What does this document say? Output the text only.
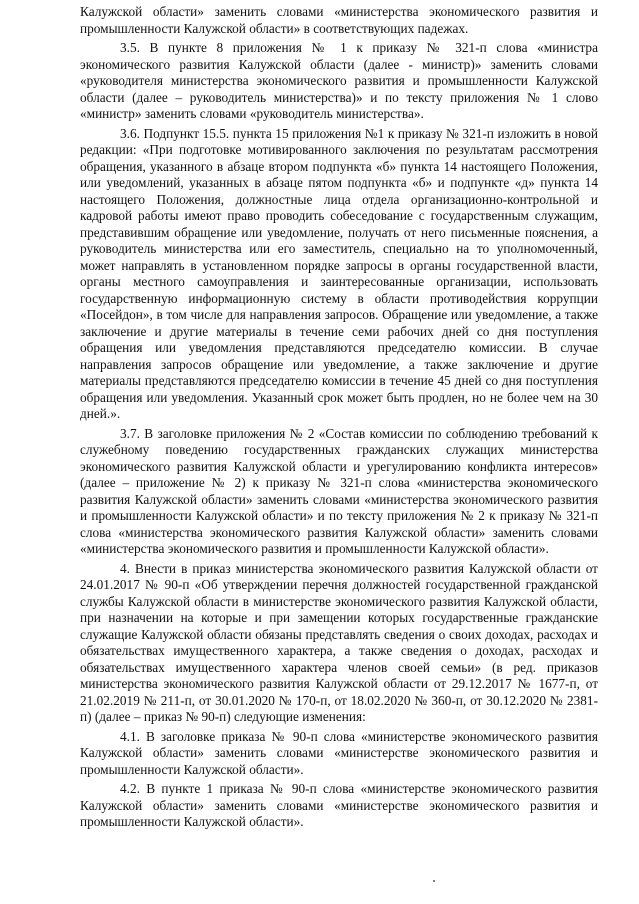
Калужской области» заменить словами «министерства экономического развития и промышленности Калужской области» в соответствующих падежах.

3.5. В пункте 8 приложения № 1 к приказу № 321-п слова «министра экономического развития Калужской области (далее - министр)» заменить словами «руководителя министерства экономического развития и промышленности Калужской области (далее – руководитель министерства)» и по тексту приложения № 1 слово «министр» заменить словами «руководитель министерства».

3.6. Подпункт 15.5. пункта 15 приложения №1 к приказу № 321-п изложить в новой редакции: «При подготовке мотивированного заключения по результатам рассмотрения обращения, указанного в абзаце втором подпункта «б» пункта 14 настоящего Положения, или уведомлений, указанных в абзаце пятом подпункта «б» и подпункте «д» пункта 14 настоящего Положения, должностные лица отдела организационно-контрольной и кадровой работы имеют право проводить собеседование с государственным служащим, представившим обращение или уведомление, получать от него письменные пояснения, а руководитель министерства или его заместитель, специально на то уполномоченный, может направлять в установленном порядке запросы в органы государственной власти, органы местного самоуправления и заинтересованные организации, использовать государственную информационную систему в области противодействия коррупции «Посейдон», в том числе для направления запросов. Обращение или уведомление, а также заключение и другие материалы в течение семи рабочих дней со дня поступления обращения или уведомления представляются председателю комиссии. В случае направления запросов обращение или уведомление, а также заключение и другие материалы представляются председателю комиссии в течение 45 дней со дня поступления обращения или уведомления. Указанный срок может быть продлен, но не более чем на 30 дней.».

3.7. В заголовке приложения № 2 «Состав комиссии по соблюдению требований к служебному поведению государственных гражданских служащих министерства экономического развития Калужской области и урегулированию конфликта интересов» (далее – приложение № 2) к приказу № 321-п слова «министерства экономического развития Калужской области» заменить словами «министерства экономического развития и промышленности Калужской области» и по тексту приложения № 2 к приказу № 321-п слова «министерства экономического развития Калужской области» заменить словами «министерства экономического развития и промышленности Калужской области».

4. Внести в приказ министерства экономического развития Калужской области от 24.01.2017 № 90-п «Об утверждении перечня должностей государственной гражданской службы Калужской области в министерстве экономического развития Калужской области, при назначении на которые и при замещении которых государственные гражданские служащие Калужской области обязаны представлять сведения о своих доходах, расходах и обязательствах имущественного характера, а также сведения о доходах, расходах и обязательствах имущественного характера членов своей семьи» (в ред. приказов министерства экономического развития Калужской области от 29.12.2017 № 1677-п, от 21.02.2019 № 211-п, от 30.01.2020 № 170-п, от 18.02.2020 № 360-п, от 30.12.2020 № 2381-п) (далее – приказ № 90-п) следующие изменения:

4.1. В заголовке приказа № 90-п слова «министерстве экономического развития Калужской области» заменить словами «министерстве экономического развития и промышленности Калужской области».

4.2. В пункте 1 приказа № 90-п слова «министерстве экономического развития Калужской области» заменить словами «министерстве экономического развития и промышленности Калужской области».
